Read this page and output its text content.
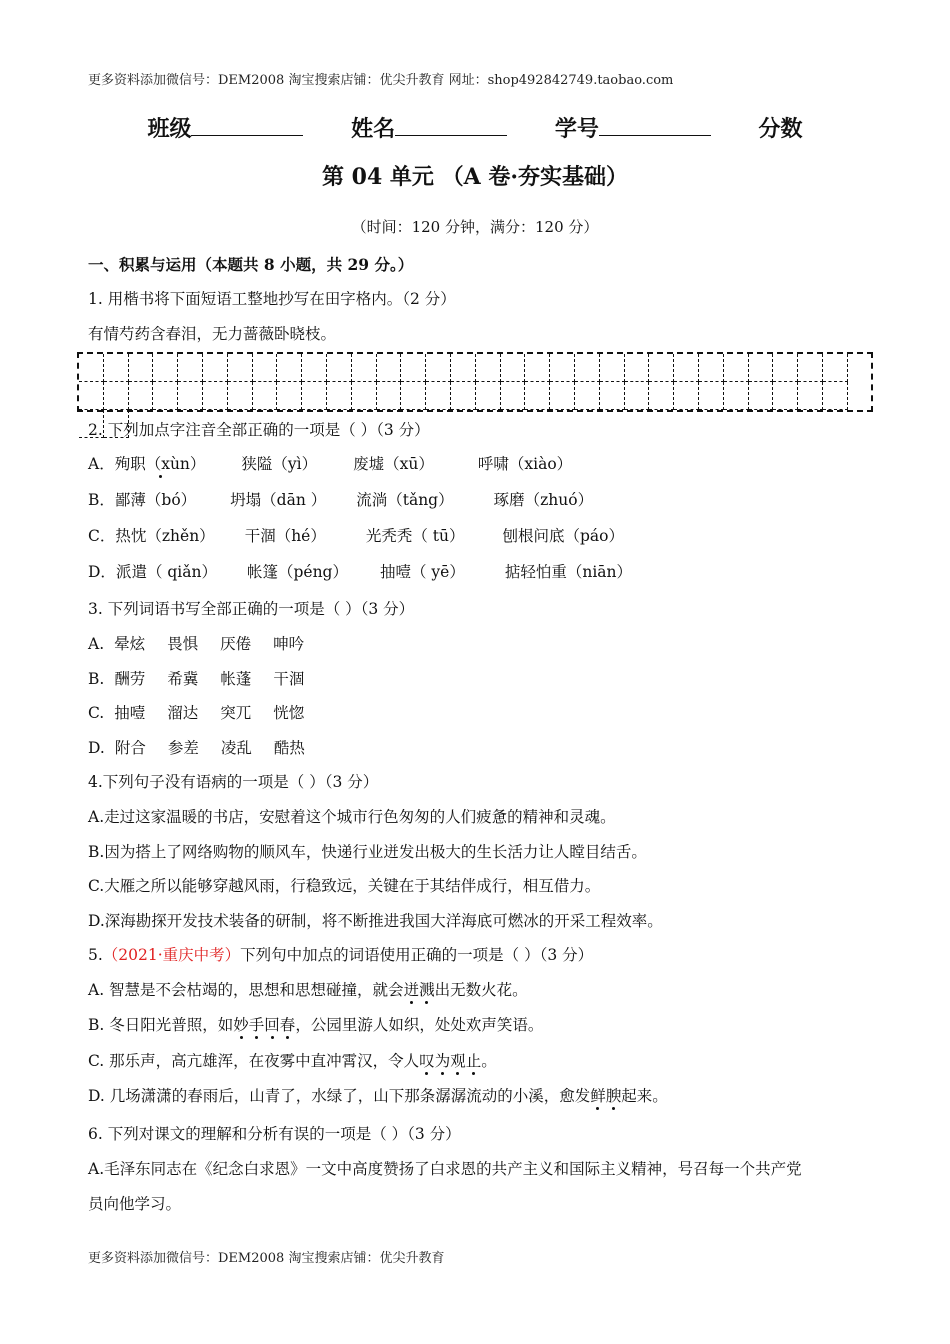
更多资料添加微信号：DEM2008 淘宝搜索店铺：优尖升教育 网址：shop492842749.taobao.com
班级	姓名	学号	分数
第 04 单元 （A 卷·夯实基础）
（时间：120 分钟，满分：120 分）
一、积累与运用（本题共 8 小题，共 29 分。）
1. 用楷书将下面短语工整地抄写在田字格内。（2 分）
有情芍药含春泪，无力蔷薇卧晓枝。
2. 下列加点字注音全部正确的一项是（ ）（3 分）
A．殉职（xùn） 狭隘（yì） 废墟（xū）	呼啸（xiào）
B．鄙薄（bó） 坍塌（dān ） 流淌（tǎng）	琢磨（zhuó）
C．热忱（zhěn） 干涸（hé）	光秃秃（ tū） 刨根问底（páo）
D．派遣（ qiǎn） 帐篷（péng） 抽噎（ yē）	掂轻怕重（niān）
3. 下列词语书写全部正确的一项是（ ）（3 分）
A. 晕炫 畏惧 厌倦 呻吟
B. 酬劳 希冀 帐蓬 干涸
C. 抽噎 溜达 突兀 恍惚
D. 附合 参差 凌乱 酷热
4.下列句子没有语病的一项是（ ）（3 分）
A.走过这家温暖的书店，安慰着这个城市行色匆匆的人们疲惫的精神和灵魂。
B.因为搭上了网络购物的顺风车，快递行业迸发出极大的生长活力让人瞠目结舌。
C.大雁之所以能够穿越风雨，行稳致远，关键在于其结伴成行，相互借力。
D.深海勘探开发技术装备的研制，将不断推进我国大洋海底可燃冰的开采工程效率。
5.（2021·重庆中考）下列句中加点的词语使用正确的一项是（ ）（3 分）
A. 智慧是不会枯竭的，思想和思想碰撞，就会迸溅出无数火花。
B. 冬日阳光普照，如妙手回春，公园里游人如织，处处欢声笑语。
C. 那乐声，高亢雄浑，在夜雾中直冲霄汉，令人叹为观止。
D. 几场潇潇的春雨后，山青了，水绿了，山下那条潺潺流动的小溪，愈发鲜腴起来。
6. 下列对课文的理解和分析有误的一项是（ ）（3 分）
A.毛泽东同志在《纪念白求恩》一文中高度赞扬了白求恩的共产主义和国际主义精神，号召每一个共产党
员向他学习。
更多资料添加微信号：DEM2008 淘宝搜索店铺：优尖升教育
